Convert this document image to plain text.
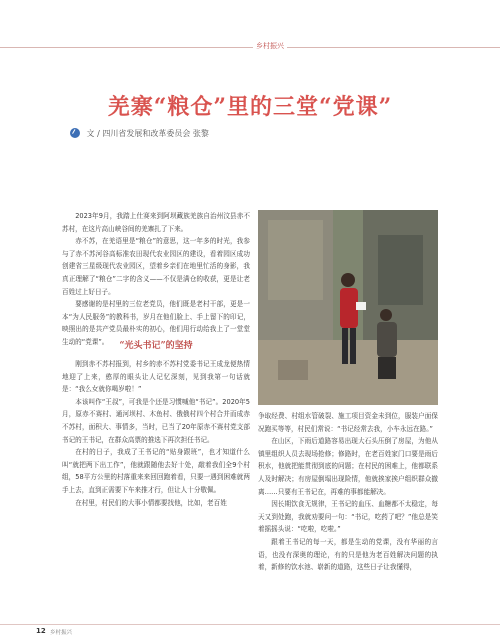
乡村振兴
羌寨“粮仓”里的三堂“党课”
文 / 四川省发展和改革委员会 张黎

2023年9月，我踏上仕赛来到阿坝藏族羌族自治州汶县赤不苏村，在这片高山峡谷间的羌寨扎了下来。

赤不苏，在羌语里是“粮仓”的意思，这一年多的时光，我参与了赤不苏河谷高标准农田现代农业园区的建设，看着园区成功创建省三星级现代农业园区，望着乡亲们在地里忙活的身影，我真正理解了“粮仓”二字的含义——不仅是满仓的收获，更是让老百姓过上好日子。

要感谢的是村里的三位老党员，他们既是老村干部，更是一本“为人民服务”的教科书，岁月在他们脸上、手上留下的印记，映照出的是共产党员最朴实的初心，他们用行动给我上了一堂堂生动的“党课”。	“光头书记”的坚持

刚到赤不苏村报到，村乡的赤不苏村党委书记王成龙便热情地迎了上来，憨厚的眼头让人记忆深刻，见到我第一句话就是：“我么女就你喝岁啦！”

本该叫作“王叔”，可我是个还是习惯喊他“书记”。2020年5月，原赤不赛村、通河坝村、木鱼村、俄俄村四个村合并而成赤不苏村，面积大、事情多，当时，已当了20年原赤不赛村党支部书记的王书记，在群众高票的推选下再次担任书记。

在村的日子，我成了王书记的“贴身跟班”，也才知道什么叫“就把两下出工作”，他就跟随他去好十处，敲着我们全9个村组，58平方公里的村落重来来回回跑着看，只要一遇到困难就两手上去，直到正需要下车来推才行，但让人十分敬佩。

在村里，村民们的大事小情都要找他，比如，老百姓

争取经费、村组水管破裂、施工项目资金未到位，服装户面保况跑买等等，村民们常说：“书记经常去我，小车永远在路。”

在山区，下雨后道路容易出现大石头压倒了房屋，为他从镇里组织人员去现场抢修；修路时，在老百姓家门口要是雨后积水，他就把能贯彻到底的问题；在村民的困难上，他都联系人及时解决；有房屋倒塌出现险情，他就挨家挨户组织群众撤离……只要有王书记在，再难的事都能解决。

因长期饮食无规律，王书记的血压、血糖都不太稳定，每天又到处跑，我就劝要问一句：“书记，吃药了吧？”他总是笑着摇摇头说：“吃啦，吃啦。”

跟着王书记的每一天，都是生动的党课，没有华丽的言语，也没有深奥的理论，有的只是他为老百姓解决问题的执着，新修的饮水池、崭新的道路，这些日子让我懂得，

12 乡村振兴
